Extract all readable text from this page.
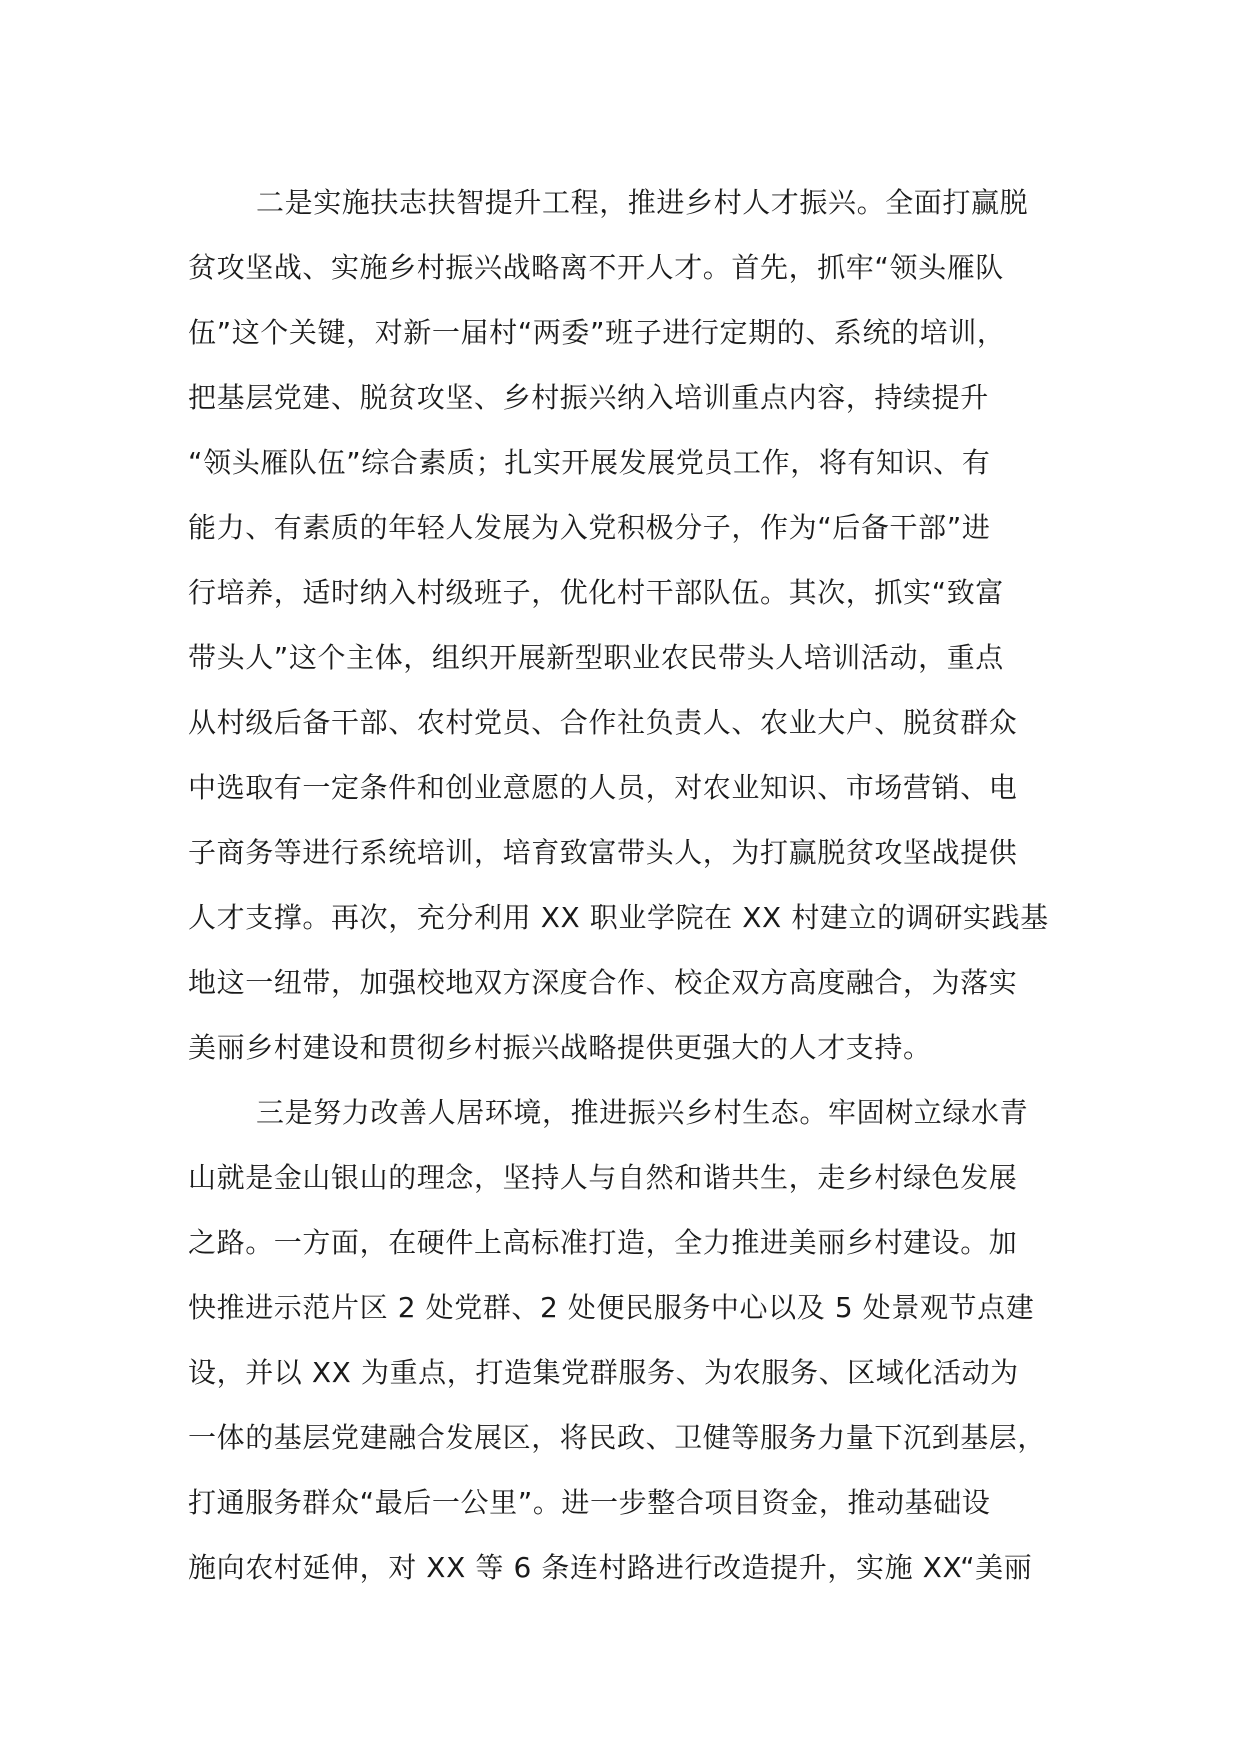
二是实施扶志扶智提升工程，推进乡村人才振兴。全面打赢脱
贫攻坚战、实施乡村振兴战略离不开人才。首先，抓牢“领头雁队
伍”这个关键，对新一届村“两委”班子进行定期的、系统的培训，
把基层党建、脱贫攻坚、乡村振兴纳入培训重点内容，持续提升
“领头雁队伍”综合素质；扎实开展发展党员工作，将有知识、有
能力、有素质的年轻人发展为入党积极分子，作为“后备干部”进
行培养，适时纳入村级班子，优化村干部队伍。其次，抓实“致富
带头人”这个主体，组织开展新型职业农民带头人培训活动，重点
从村级后备干部、农村党员、合作社负责人、农业大户、脱贫群众
中选取有一定条件和创业意愿的人员，对农业知识、市场营销、电
子商务等进行系统培训，培育致富带头人，为打赢脱贫攻坚战提供
人才支撑。再次，充分利用 XX 职业学院在 XX 村建立的调研实践基
地这一纽带，加强校地双方深度合作、校企双方高度融合，为落实
美丽乡村建设和贯彻乡村振兴战略提供更强大的人才支持。
三是努力改善人居环境，推进振兴乡村生态。牢固树立绿水青
山就是金山银山的理念，坚持人与自然和谐共生，走乡村绿色发展
之路。一方面，在硬件上高标准打造，全力推进美丽乡村建设。加
快推进示范片区 2 处党群、2 处便民服务中心以及 5 处景观节点建
设，并以 XX 为重点，打造集党群服务、为农服务、区域化活动为
一体的基层党建融合发展区，将民政、卫健等服务力量下沉到基层，
打通服务群众“最后一公里”。进一步整合项目资金，推动基础设
施向农村延伸，对 XX 等 6 条连村路进行改造提升，实施 XX“美丽
